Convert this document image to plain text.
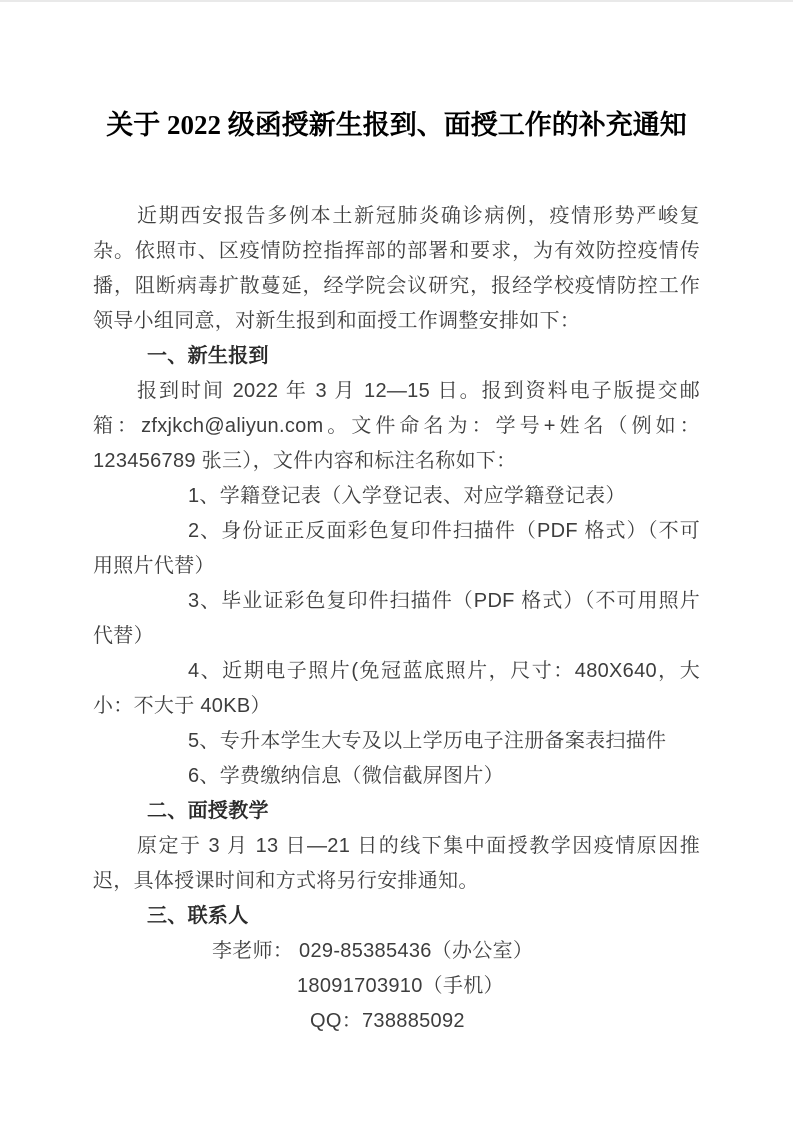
关于 2022 级函授新生报到、面授工作的补充通知

近期西安报告多例本土新冠肺炎确诊病例，疫情形势严峻复杂。依照市、区疫情防控指挥部的部署和要求，为有效防控疫情传播，阻断病毒扩散蔓延，经学院会议研究，报经学校疫情防控工作领导小组同意，对新生报到和面授工作调整安排如下：

一、新生报到

报到时间 2022 年 3 月 12—15 日。报到资料电子版提交邮箱：zfxjkch@aliyun.com。文件命名为：学号+姓名（例如：123456789 张三），文件内容和标注名称如下：

1、学籍登记表（入学登记表、对应学籍登记表）

2、身份证正反面彩色复印件扫描件（PDF 格式）（不可用照片代替）

3、毕业证彩色复印件扫描件（PDF 格式）（不可用照片代替）

4、近期电子照片(免冠蓝底照片，尺寸：480X640，大小：不大于 40KB）

5、专升本学生大专及以上学历电子注册备案表扫描件

6、学费缴纳信息（微信截屏图片）

二、面授教学

原定于 3 月 13 日—21 日的线下集中面授教学因疫情原因推迟，具体授课时间和方式将另行安排通知。

三、联系人

李老师： 029-85385436（办公室）

18091703910（手机）

QQ：738885092
